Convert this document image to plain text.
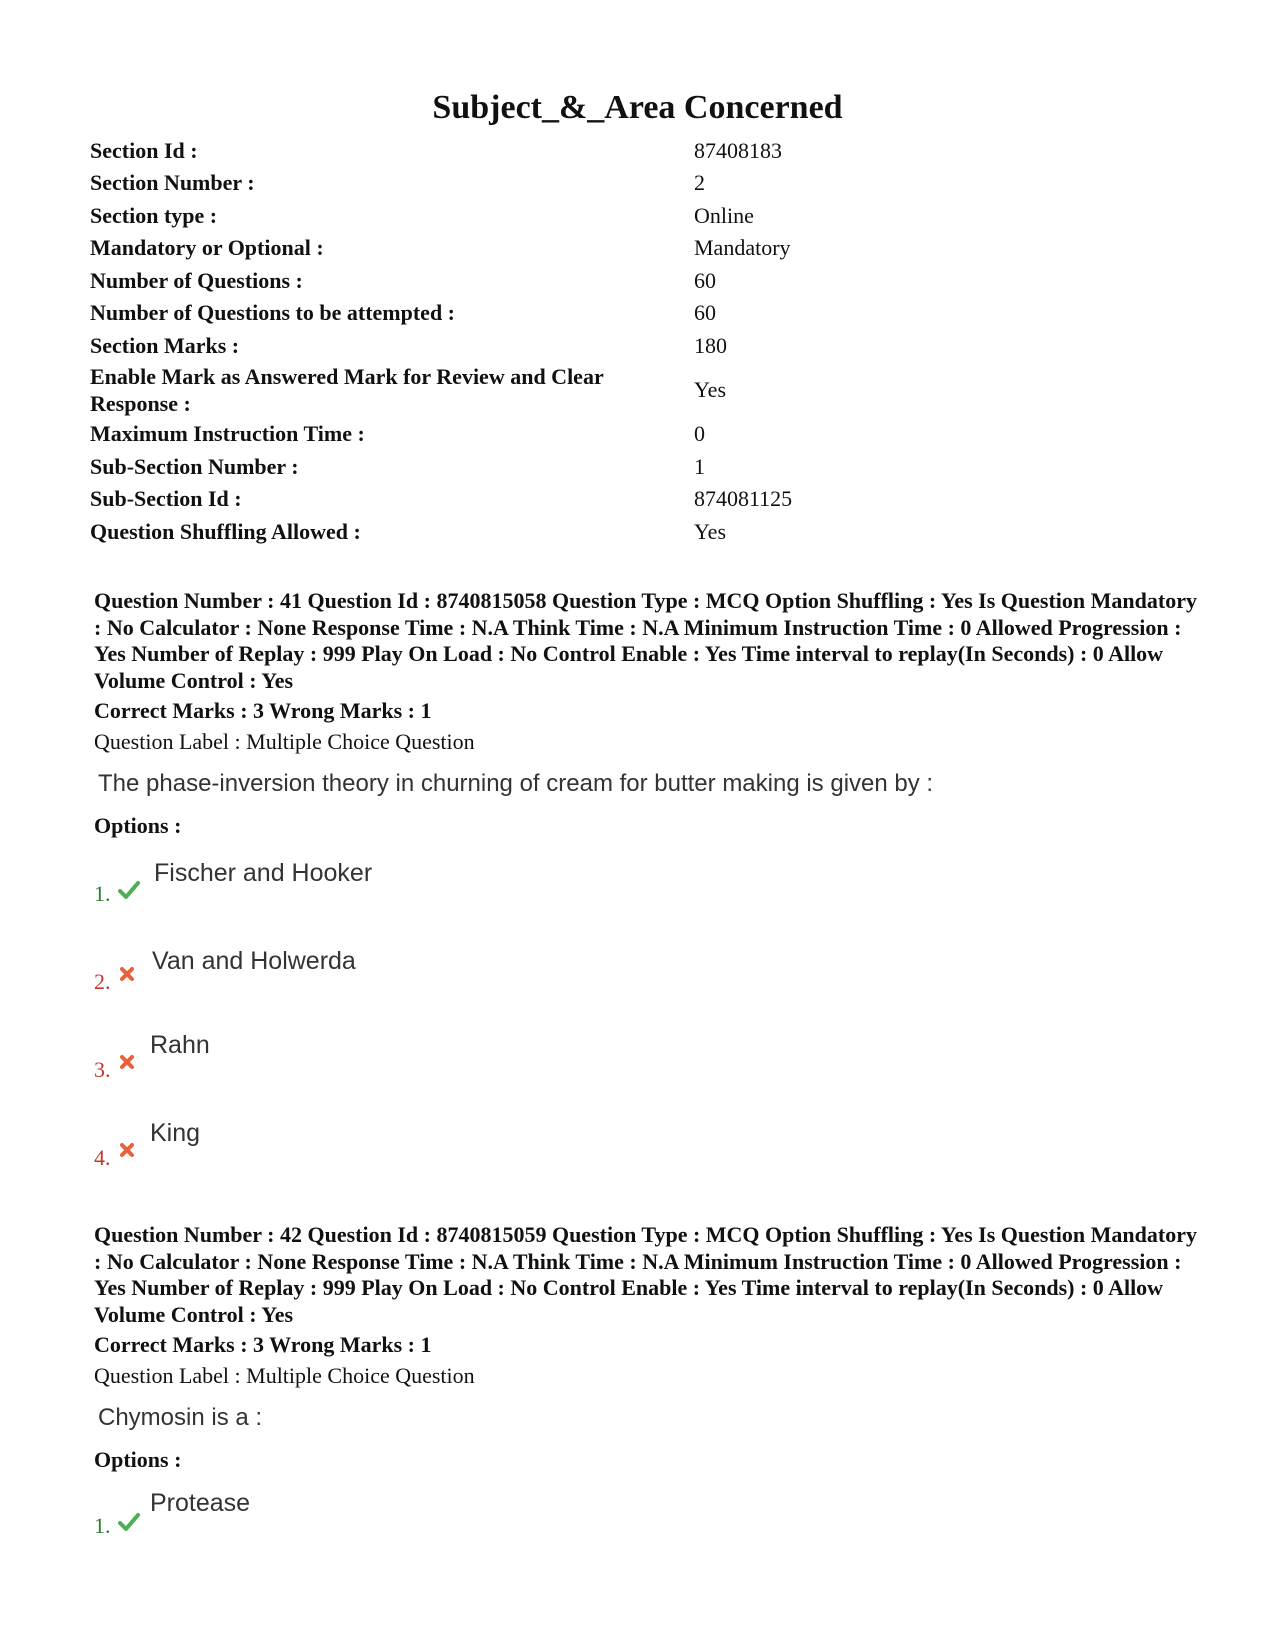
Subject_&_Area Concerned
Section Id :	87408183
Section Number :	2
Section type :	Online
Mandatory or Optional :	Mandatory
Number of Questions :	60
Number of Questions to be attempted :	60
Section Marks :	180
Enable Mark as Answered Mark for Review and Clear Response :	Yes
Maximum Instruction Time :	0
Sub-Section Number :	1
Sub-Section Id :	874081125
Question Shuffling Allowed :	Yes

Question Number : 41 Question Id : 8740815058 Question Type : MCQ Option Shuffling : Yes Is Question Mandatory : No Calculator : None Response Time : N.A Think Time : N.A Minimum Instruction Time : 0 Allowed Progression : Yes Number of Replay : 999 Play On Load : No Control Enable : Yes Time interval to replay(In Seconds) : 0 Allow Volume Control : Yes

Correct Marks : 3 Wrong Marks : 1

Question Label : Multiple Choice Question

The phase-inversion theory in churning of cream for butter making is given by :

Options :

1.
Fischer and Hooker
2.
Van and Holwerda
3.
Rahn
4.
King

Question Number : 42 Question Id : 8740815059 Question Type : MCQ Option Shuffling : Yes Is Question Mandatory : No Calculator : None Response Time : N.A Think Time : N.A Minimum Instruction Time : 0 Allowed Progression : Yes Number of Replay : 999 Play On Load : No Control Enable : Yes Time interval to replay(In Seconds) : 0 Allow Volume Control : Yes

Correct Marks : 3 Wrong Marks : 1

Question Label : Multiple Choice Question

Chymosin is a :

Options :

1.
Protease
